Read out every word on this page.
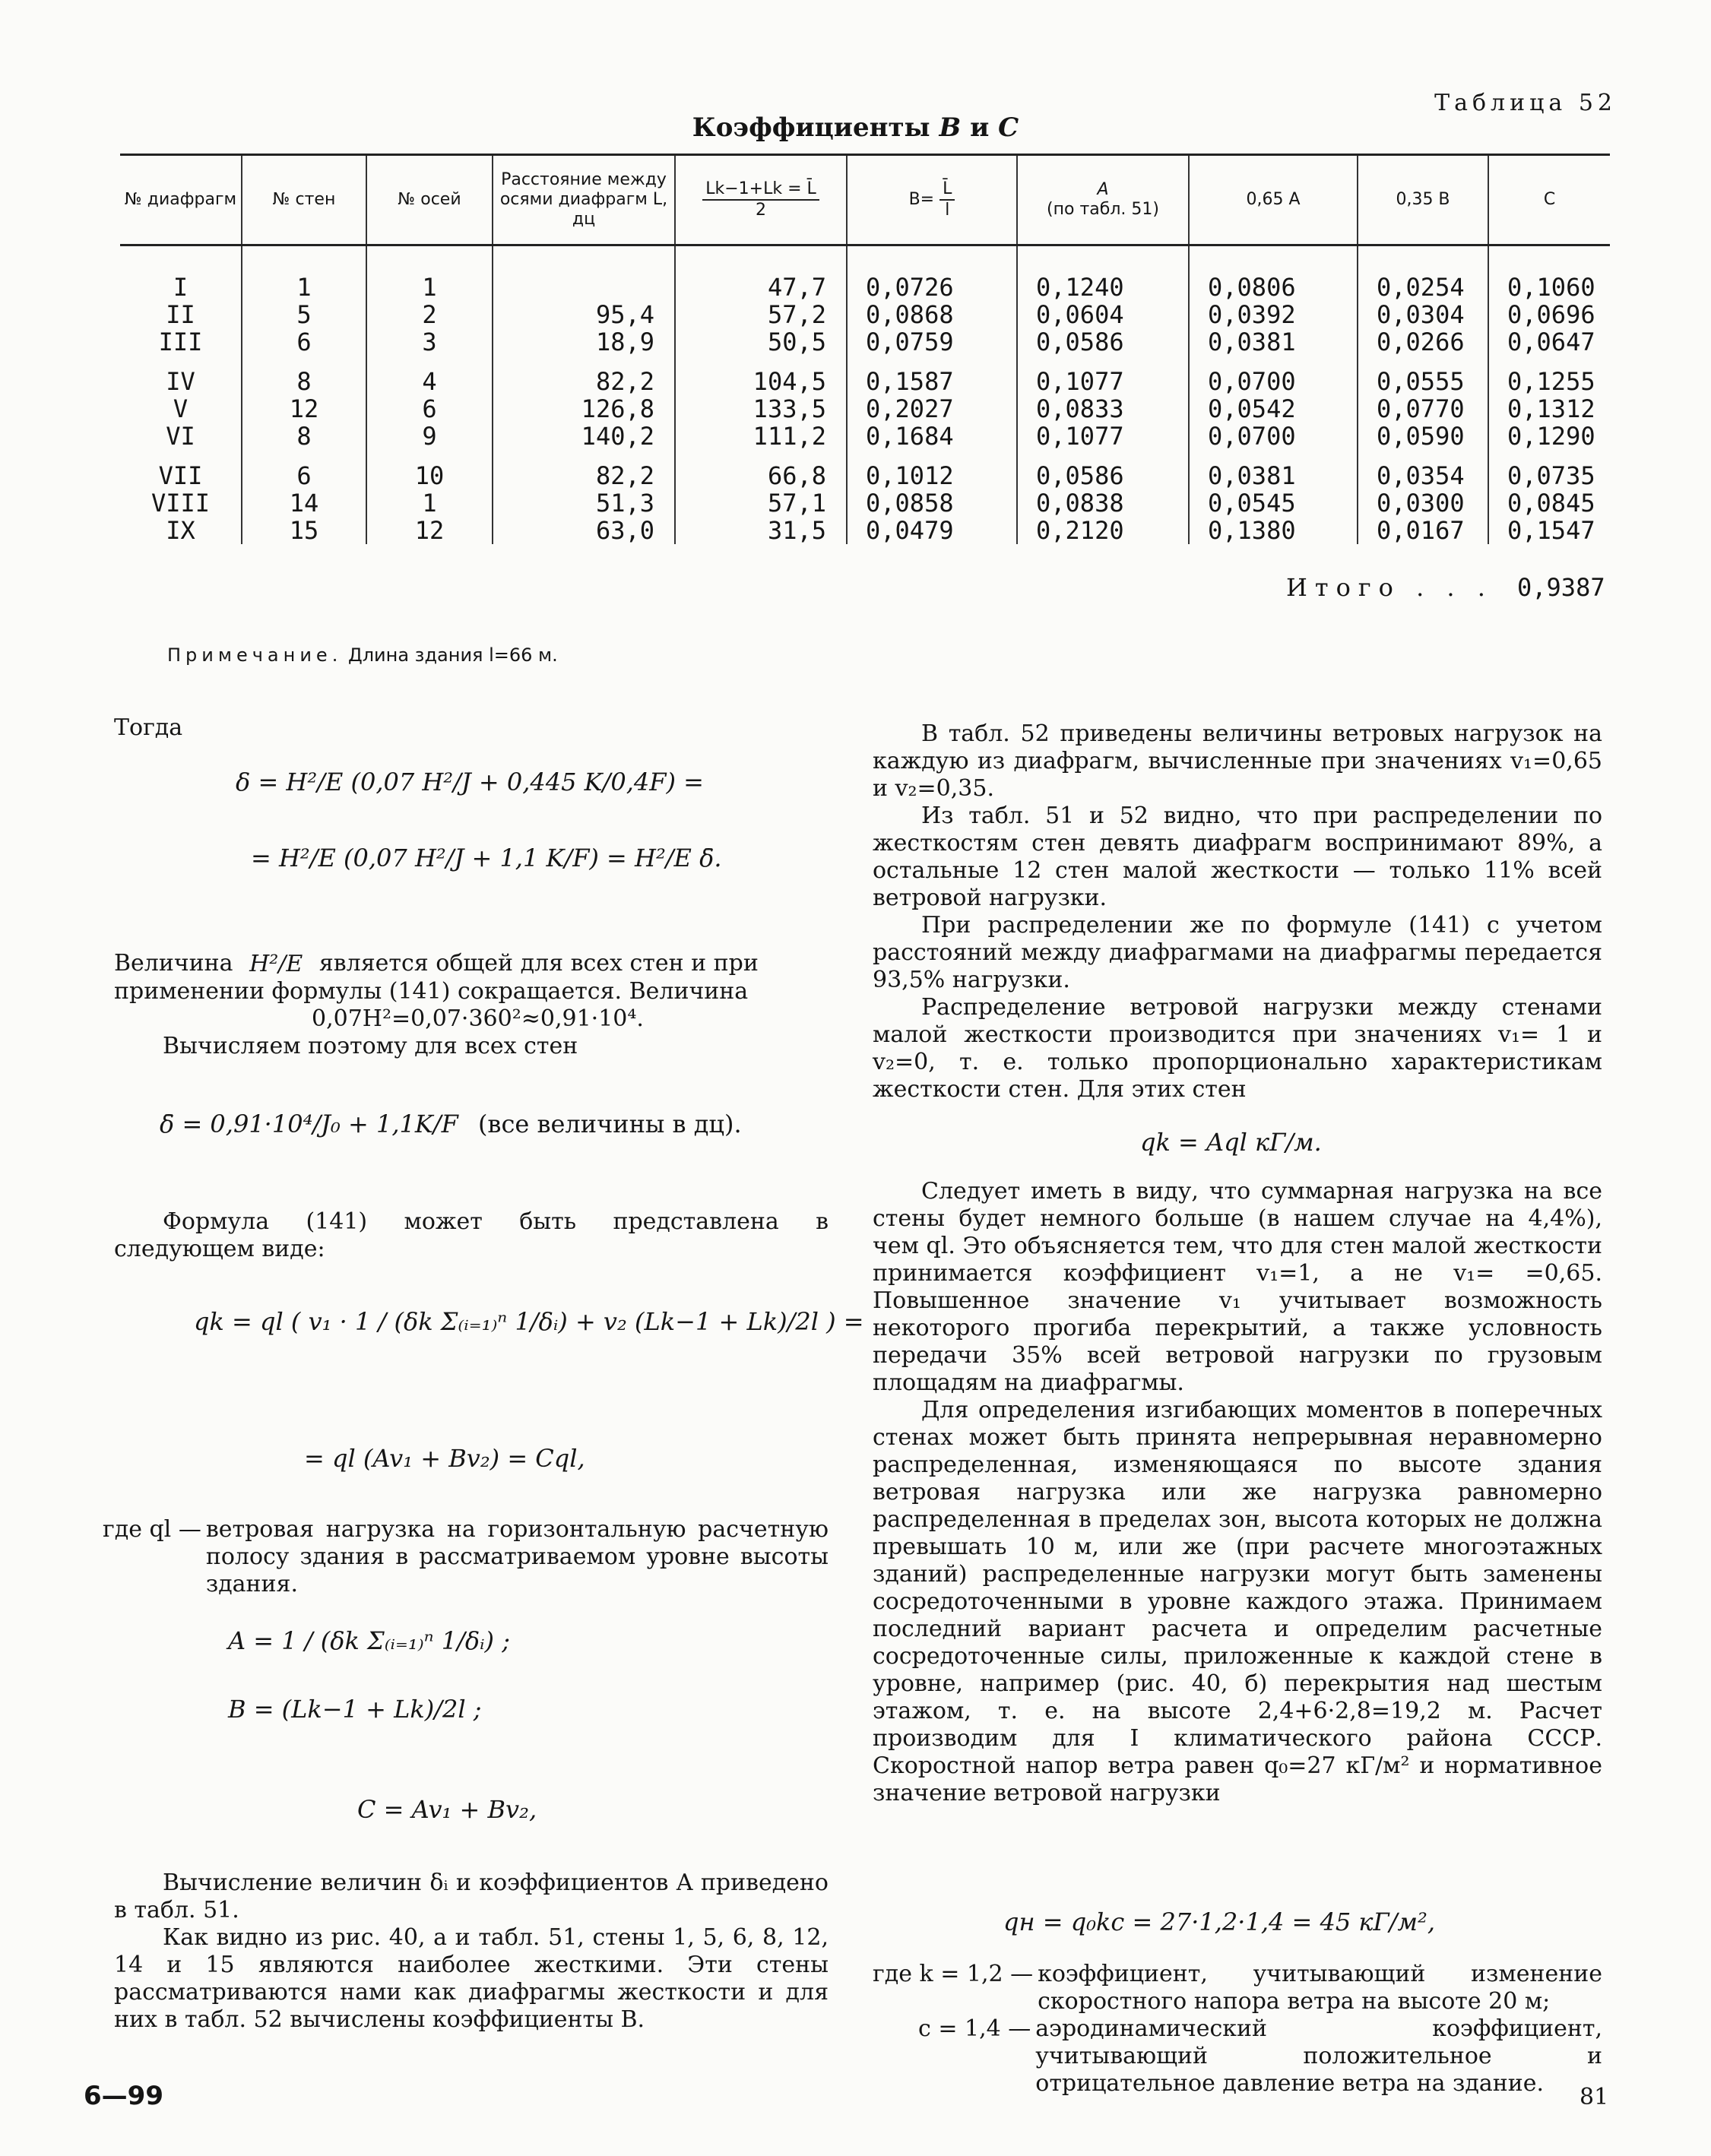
Таблица 52
Коэффициенты B и C
№ диафрагм	№ стен	№ осей	Расстояние между осями диафрагм L, дц	$\frac{Lk-1+Lk = L̄}{2}$	$B= \frac{L̄}{l}$	A
(по табл. 51)	0,65 A	0,35 B	C
I	1	1		47,7	0,0726	0,1240	0,0806	0,0254	0,1060
II	5	2	95,4	57,2	0,0868	0,0604	0,0392	0,0304	0,0696
III	6	3	18,9	50,5	0,0759	0,0586	0,0381	0,0266	0,0647
IV	8	4	82,2	104,5	0,1587	0,1077	0,0700	0,0555	0,1255
V	12	6	126,8	133,5	0,2027	0,0833	0,0542	0,0770	0,1312
VI	8	9	140,2	111,2	0,1684	0,1077	0,0700	0,0590	0,1290
VII	6	10	82,2	66,8	0,1012	0,0586	0,0381	0,0354	0,0735
VIII	14	1	51,3	57,1	0,0858	0,0838	0,0545	0,0300	0,0845
IX	15	12	63,0	31,5	0,0479	0,2120	0,1380	0,0167	0,1547
Итого . . . 0,9387
Примечание. Длина здания l=66 м.

Тогда

δ = H²/E (0,07 H²/J + 0,445 K/0,4F) =
= H²/E (0,07 H²/J + 1,1 K/F) = H²/E δ̄.

Величина H²/E является общей для всех стен и при

применении формулы (141) сокращается. Величина

0,07H²=0,07·360²≈0,91·10⁴.

Вычисляем поэтому для всех стен

δ̄ = 0,91·10⁴/J₀ + 1,1K/F (все величины в дц).

Формула (141) может быть представлена в следующем виде:

qk = ql ( v₁ · 1 / (δk Σ₍ᵢ₌₁₎ⁿ 1/δᵢ) + v₂ (Lk−1 + Lk)/2l ) =
= ql (Av₁ + Bv₂) = Cql,
где ql — ветровая нагрузка на горизонтальную расчетную полосу здания в рассматриваемом уровне высоты здания.
A = 1 / (δk Σ₍ᵢ₌₁₎ⁿ 1/δᵢ) ;
B = (Lk−1 + Lk)/2l ;
C = Av₁ + Bv₂,

Вычисление величин δᵢ и коэффициентов A приведено в табл. 51.

Как видно из рис. 40, а и табл. 51, стены 1, 5, 6, 8, 12, 14 и 15 являются наиболее жесткими. Эти стены рассматриваются нами как диафрагмы жесткости и для них в табл. 52 вычислены коэффициенты B.

6—99

В табл. 52 приведены величины ветровых нагрузок на каждую из диафрагм, вычисленные при значениях v₁=0,65 и v₂=0,35.

Из табл. 51 и 52 видно, что при распределении по жесткостям стен девять диафрагм воспринимают 89%, а остальные 12 стен малой жесткости — только 11% всей ветровой нагрузки.

При распределении же по формуле (141) с учетом расстояний между диафрагмами на диафрагмы передается 93,5% нагрузки.

Распределение ветровой нагрузки между стенами малой жесткости производится при значениях v₁= 1 и v₂=0, т. е. только пропорционально характеристикам жесткости стен. Для этих стен

qk = Aql кГ/м.

Следует иметь в виду, что суммарная нагрузка на все стены будет немного больше (в нашем случае на 4,4%), чем ql. Это объясняется тем, что для стен малой жесткости принимается коэффициент v₁=1, а не v₁= =0,65. Повышенное значение v₁ учитывает возможность некоторого прогиба перекрытий, а также условность передачи 35% всей ветровой нагрузки по грузовым площадям на диафрагмы.

Для определения изгибающих моментов в поперечных стенах может быть принята непрерывная неравномерно распределенная, изменяющаяся по высоте здания ветровая нагрузка или же нагрузка равномерно распределенная в пределах зон, высота которых не должна превышать 10 м, или же (при расчете многоэтажных зданий) распределенные нагрузки могут быть заменены сосредоточенными в уровне каждого этажа. Принимаем последний вариант расчета и определим расчетные сосредоточенные силы, приложенные к каждой стене в уровне, например (рис. 40, б) перекрытия над шестым этажом, т. е. на высоте 2,4+6·2,8=19,2 м. Расчет производим для I климатического района СССР. Скоростной напор ветра равен q₀=27 кГ/м² и нормативное значение ветровой нагрузки

qн = q₀kc = 27·1,2·1,4 = 45 кГ/м²,
где k = 1,2 — коэффициент, учитывающий изменение скоростного напора ветра на высоте 20 м;
c = 1,4 — аэродинамический коэффициент, учитывающий положительное и отрицательное давление ветра на здание.
81
